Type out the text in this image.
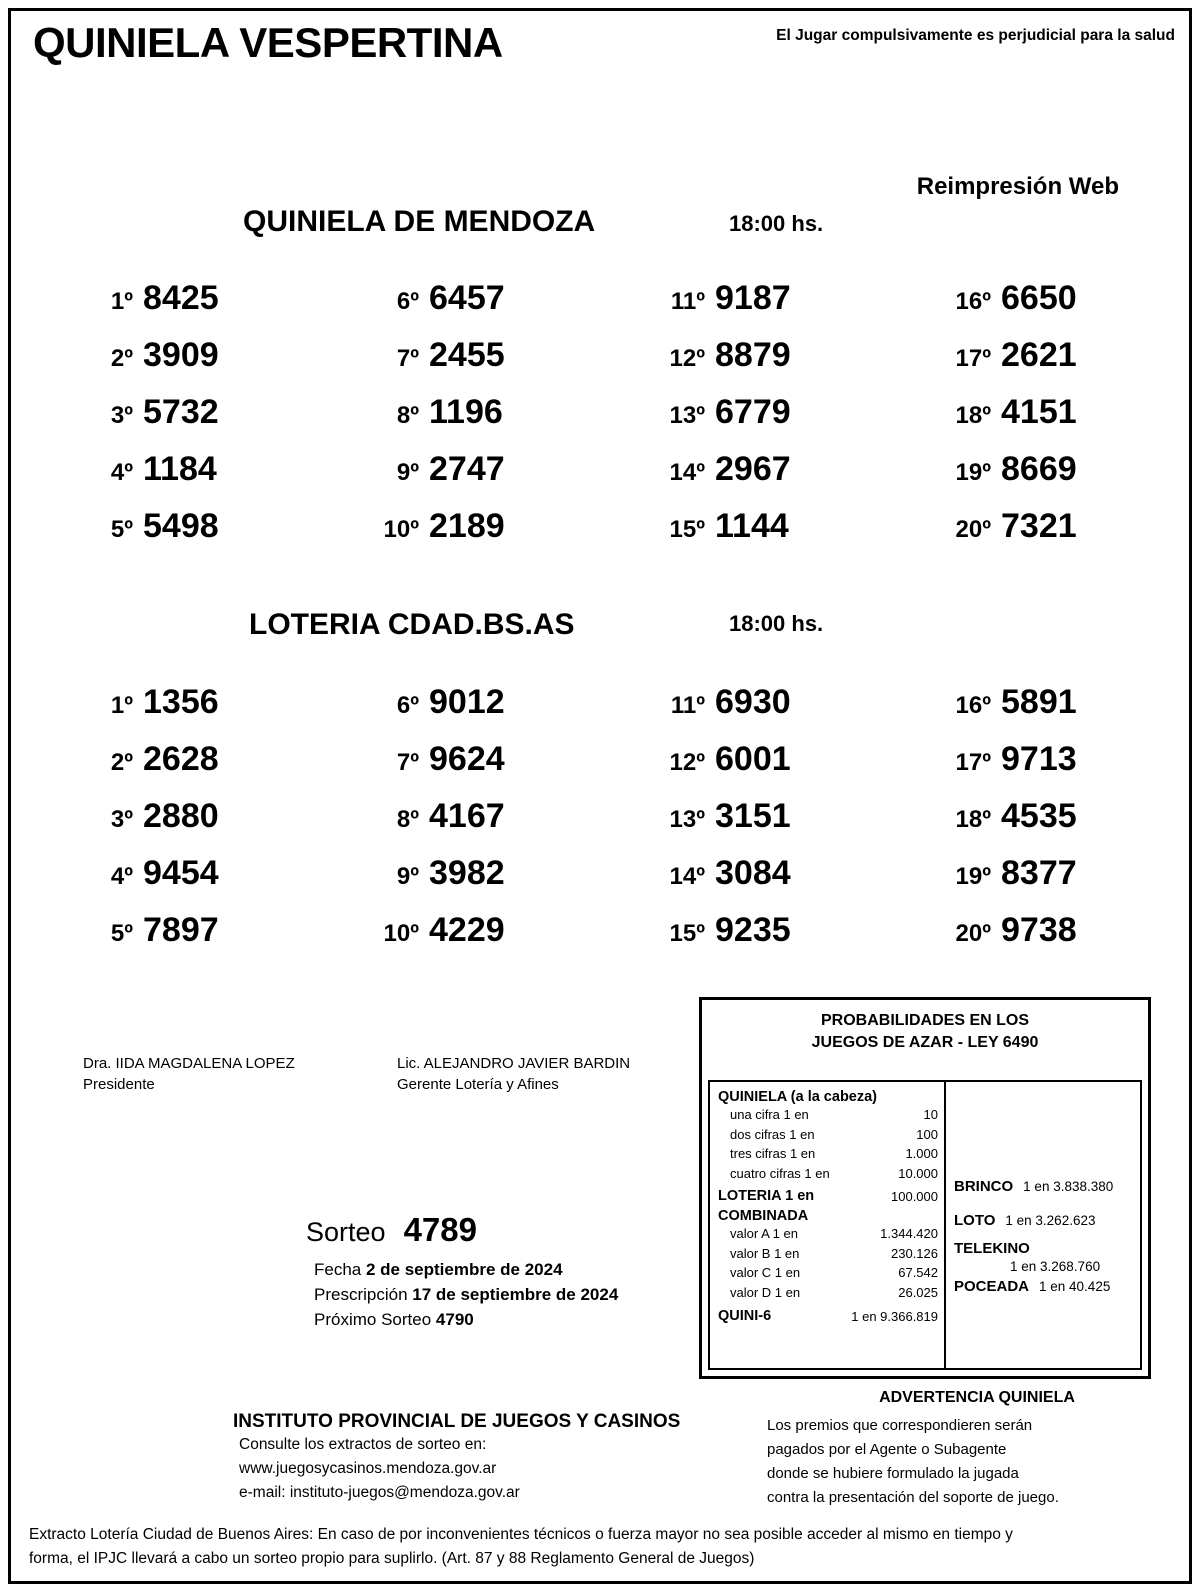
QUINIELA VESPERTINA	El Jugar compulsivamente es perjudicial para la salud
Reimpresión Web
QUINIELA DE MENDOZA	18:00 hs.
1º 8425	6º 6457	11º 9187	16º 6650
2º 3909	7º 2455	12º 8879	17º 2621
3º 5732	8º 1196	13º 6779	18º 4151
4º 1184	9º 2747	14º 2967	19º 8669
5º 5498	10º 2189	15º 1144	20º 7321
LOTERIA CDAD.BS.AS	18:00 hs.
1º 1356	6º 9012	11º 6930	16º 5891
2º 2628	7º 9624	12º 6001	17º 9713
3º 2880	8º 4167	13º 3151	18º 4535
4º 9454	9º 3982	14º 3084	19º 8377
5º 7897	10º 4229	15º 9235	20º 9738
Dra. IIDA MAGDALENA LOPEZ
Presidente
Lic. ALEJANDRO JAVIER BARDIN
Gerente Lotería y Afines
Sorteo 4789
Fecha 2 de septiembre de 2024
Prescripción 17 de septiembre de 2024
Próximo Sorteo 4790
PROBABILIDADES EN LOS
JUEGOS DE AZAR - LEY 6490
QUINIELA (a la cabeza)
una cifra 1 en	10
dos cifras 1 en	100
tres cifras 1 en	1.000
cuatro cifras 1 en	10.000
LOTERIA 1 en	100.000
COMBINADA
valor A 1 en	1.344.420
valor B 1 en	230.126
valor C 1 en	67.542
valor D 1 en	26.025
QUINI-6	1 en 9.366.819
BRINCO 1 en 3.838.380
LOTO 1 en 3.262.623
TELEKINO
1 en 3.268.760
POCEADA 1 en 40.425
ADVERTENCIA QUINIELA
Los premios que correspondieren serán
pagados por el Agente o Subagente
donde se hubiere formulado la jugada
contra la presentación del soporte de juego.
INSTITUTO PROVINCIAL DE JUEGOS Y CASINOS
Consulte los extractos de sorteo en:
www.juegosycasinos.mendoza.gov.ar
e-mail: instituto-juegos@mendoza.gov.ar
Extracto Lotería Ciudad de Buenos Aires: En caso de por inconvenientes técnicos o fuerza mayor no sea posible acceder al mismo en tiempo y
forma, el IPJC llevará a cabo un sorteo propio para suplirlo. (Art. 87 y 88 Reglamento General de Juegos)
